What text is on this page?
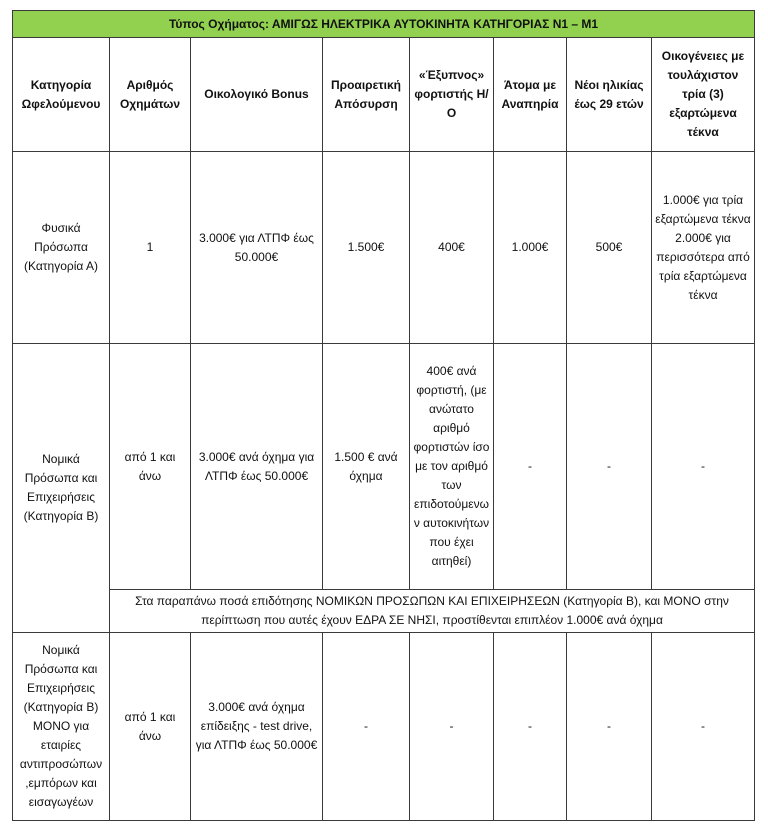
Τύπος Οχήματος: ΑΜΙΓΩΣ ΗΛΕΚΤΡΙΚΑ ΑΥΤΟΚΙΝΗΤΑ ΚΑΤΗΓΟΡΙΑΣ Ν1 – Μ1							
Κατηγορία Ωφελούμενου	Αριθμός Οχημάτων	Οικολογικό Bonus	Προαιρετική Απόσυρση	«Έξυπνος» φορτιστής Η/Ο	Άτομα με Αναπηρία	Νέοι ηλικίας έως 29 ετών	Οικογένειες με τουλάχιστον τρία (3) εξαρτώμενα τέκνα
Φυσικά Πρόσωπα (Κατηγορία Α)	1	3.000€ για ΛΤΠΦ έως 50.000€	1.500€	400€	1.000€	500€	1.000€ για τρία εξαρτώμενα τέκνα
2.000€ για περισσότερα από τρία εξαρτώμενα τέκνα
Νομικά Πρόσωπα και Επιχειρήσεις (Κατηγορία Β)	από 1 και άνω	3.000€ ανά όχημα για ΛΤΠΦ έως 50.000€	1.500 € ανά όχημα	400€ ανά φορτιστή, (με ανώτατο αριθμό φορτιστών ίσο με τον αριθμό των επιδοτούμενων αυτοκινήτων που έχει αιτηθεί)	-	-	-
	Στα παραπάνω ποσά επιδότησης ΝΟΜΙΚΩΝ ΠΡΟΣΩΠΩΝ ΚΑΙ ΕΠΙΧΕΙΡΗΣΕΩΝ (Κατηγορία Β), και ΜΟΝΟ στην περίπτωση που αυτές έχουν ΕΔΡΑ ΣΕ ΝΗΣΙ, προστίθενται επιπλέον 1.000€ ανά όχημα						
Νομικά Πρόσωπα και Επιχειρήσεις (Κατηγορία Β) ΜΟΝΟ για εταιρίες αντιπροσώπων ,εμπόρων και εισαγωγέων	από 1 και άνω	3.000€ ανά όχημα επίδειξης - test drive, για ΛΤΠΦ έως 50.000€	-	-	-	-	-
